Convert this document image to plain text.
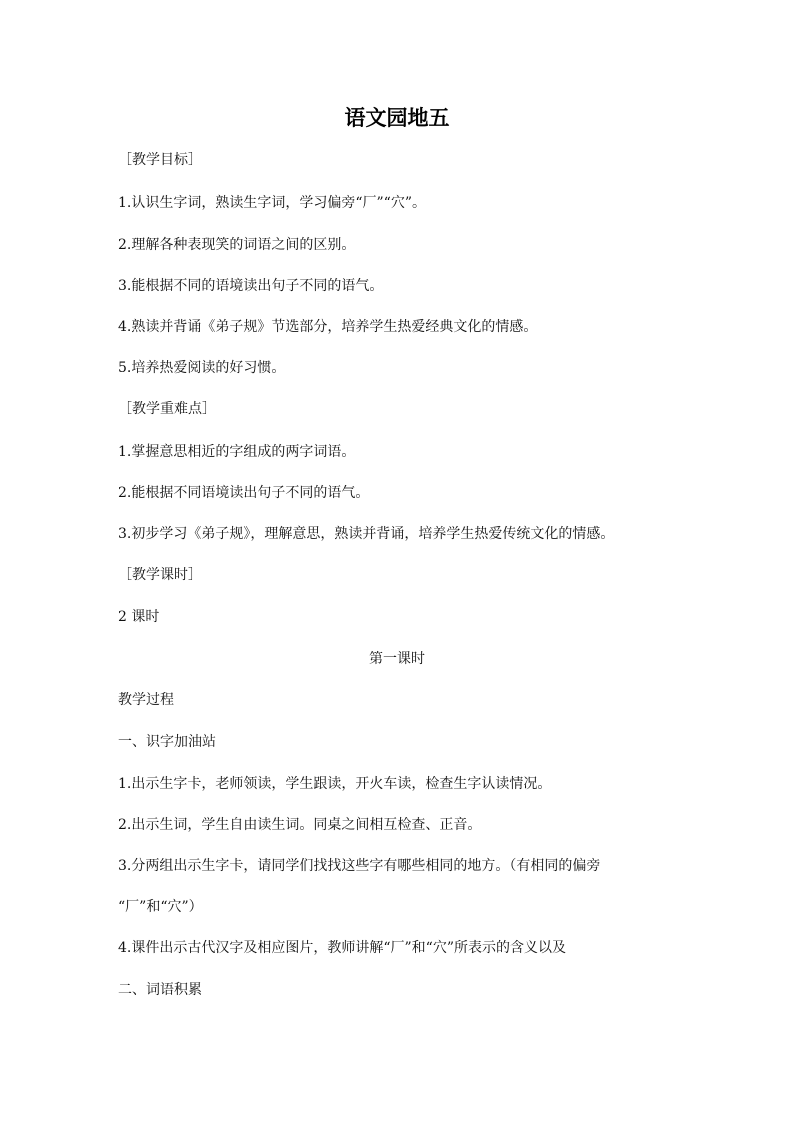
语文园地五
［教学目标］
1.认识生字词，熟读生字词，学习偏旁“厂”“穴”。
2.理解各种表现笑的词语之间的区别。
3.能根据不同的语境读出句子不同的语气。
4.熟读并背诵《弟子规》节选部分，培养学生热爱经典文化的情感。
5.培养热爱阅读的好习惯。
［教学重难点］
1.掌握意思相近的字组成的两字词语。
2.能根据不同语境读出句子不同的语气。
3.初步学习《弟子规》，理解意思，熟读并背诵，培养学生热爱传统文化的情感。
［教学课时］
2 课时
第一课时
教学过程
一、识字加油站
1.出示生字卡，老师领读，学生跟读，开火车读，检查生字认读情况。
2.出示生词，学生自由读生词。同桌之间相互检查、正音。
3.分两组出示生字卡，请同学们找找这些字有哪些相同的地方。（有相同的偏旁
“厂”和“穴”）
4.课件出示古代汉字及相应图片，教师讲解“厂”和“穴”所表示的含义以及
二、词语积累
